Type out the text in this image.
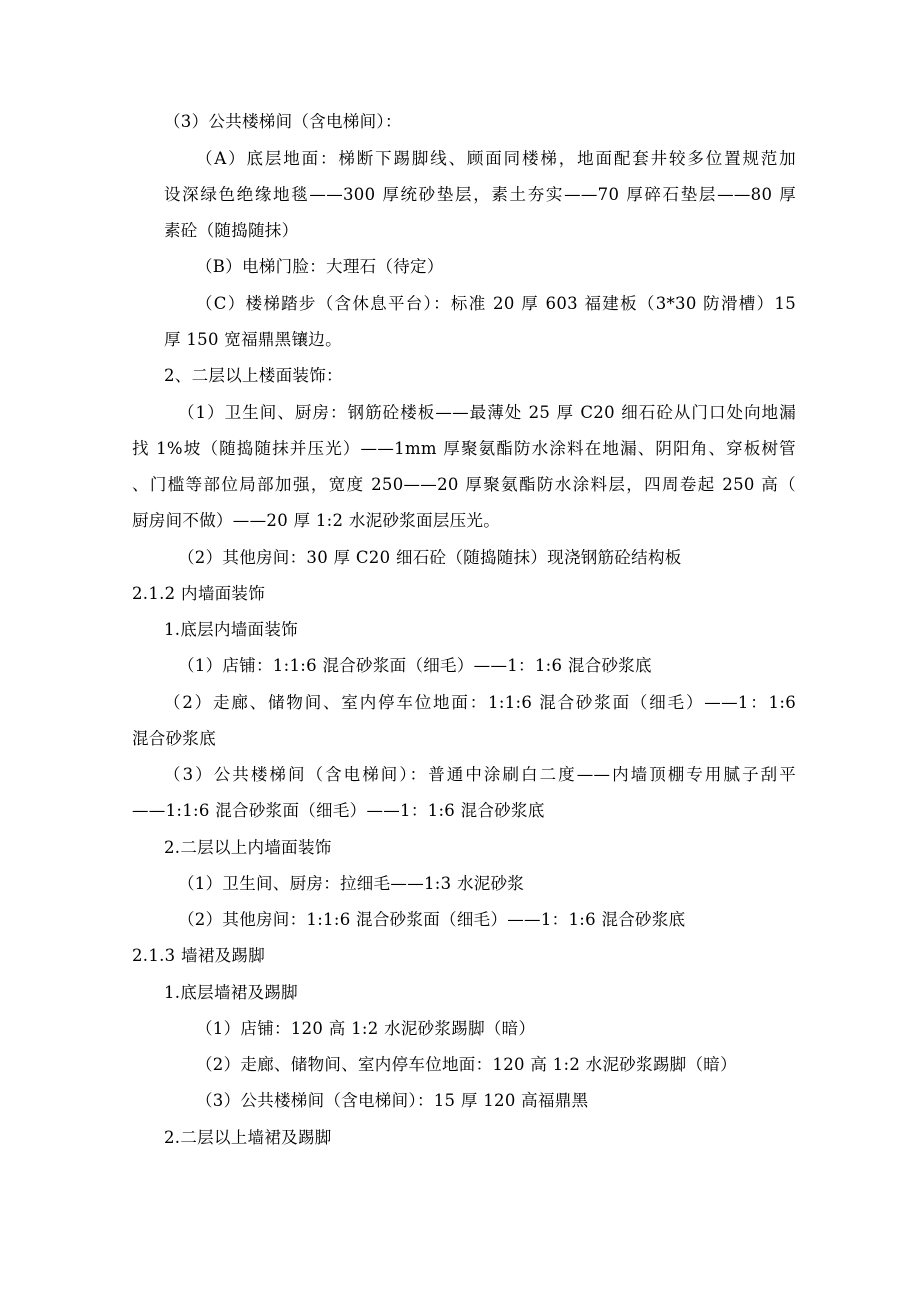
（3）公共楼梯间（含电梯间）：
（A）底层地面：梯断下踢脚线、顾面同楼梯，地面配套井较多位置规范加
设深绿色绝缘地毯——300 厚统砂垫层，素土夯实——70 厚碎石垫层——80 厚
素砼（随捣随抹）
（B）电梯门脸：大理石（待定）
（C）楼梯踏步（含休息平台）：标准 20 厚 603 福建板（3*30 防滑槽）15
厚 150 宽福鼎黑镶边。
2、二层以上楼面装饰：
（1）卫生间、厨房：钢筋砼楼板——最薄处 25 厚 C20 细石砼从门口处向地漏
找 1%坡（随捣随抹并压光）——1mm 厚聚氨酯防水涂料在地漏、阴阳角、穿板树管
、门槛等部位局部加强，宽度 250——20 厚聚氨酯防水涂料层，四周卷起 250 高（
厨房间不做）——20 厚 1:2 水泥砂浆面层压光。
（2）其他房间：30 厚 C20 细石砼（随捣随抹）现浇钢筋砼结构板
2.1.2 内墙面装饰
1.底层内墙面装饰
（1）店铺：1:1:6 混合砂浆面（细毛）——1：1:6 混合砂浆底
（2）走廊、储物间、室内停车位地面：1:1:6 混合砂浆面（细毛）——1：1:6
混合砂浆底
（3）公共楼梯间（含电梯间）：普通中涂刷白二度——内墙顶棚专用腻子刮平
——1:1:6 混合砂浆面（细毛）——1：1:6 混合砂浆底
2.二层以上内墙面装饰
（1）卫生间、厨房：拉细毛——1:3 水泥砂浆
（2）其他房间：1:1:6 混合砂浆面（细毛）——1：1:6 混合砂浆底
2.1.3 墙裙及踢脚
1.底层墙裙及踢脚
（1）店铺：120 高 1:2 水泥砂浆踢脚（暗）
（2）走廊、储物间、室内停车位地面：120 高 1:2 水泥砂浆踢脚（暗）
（3）公共楼梯间（含电梯间）：15 厚 120 高福鼎黑
2.二层以上墙裙及踢脚
